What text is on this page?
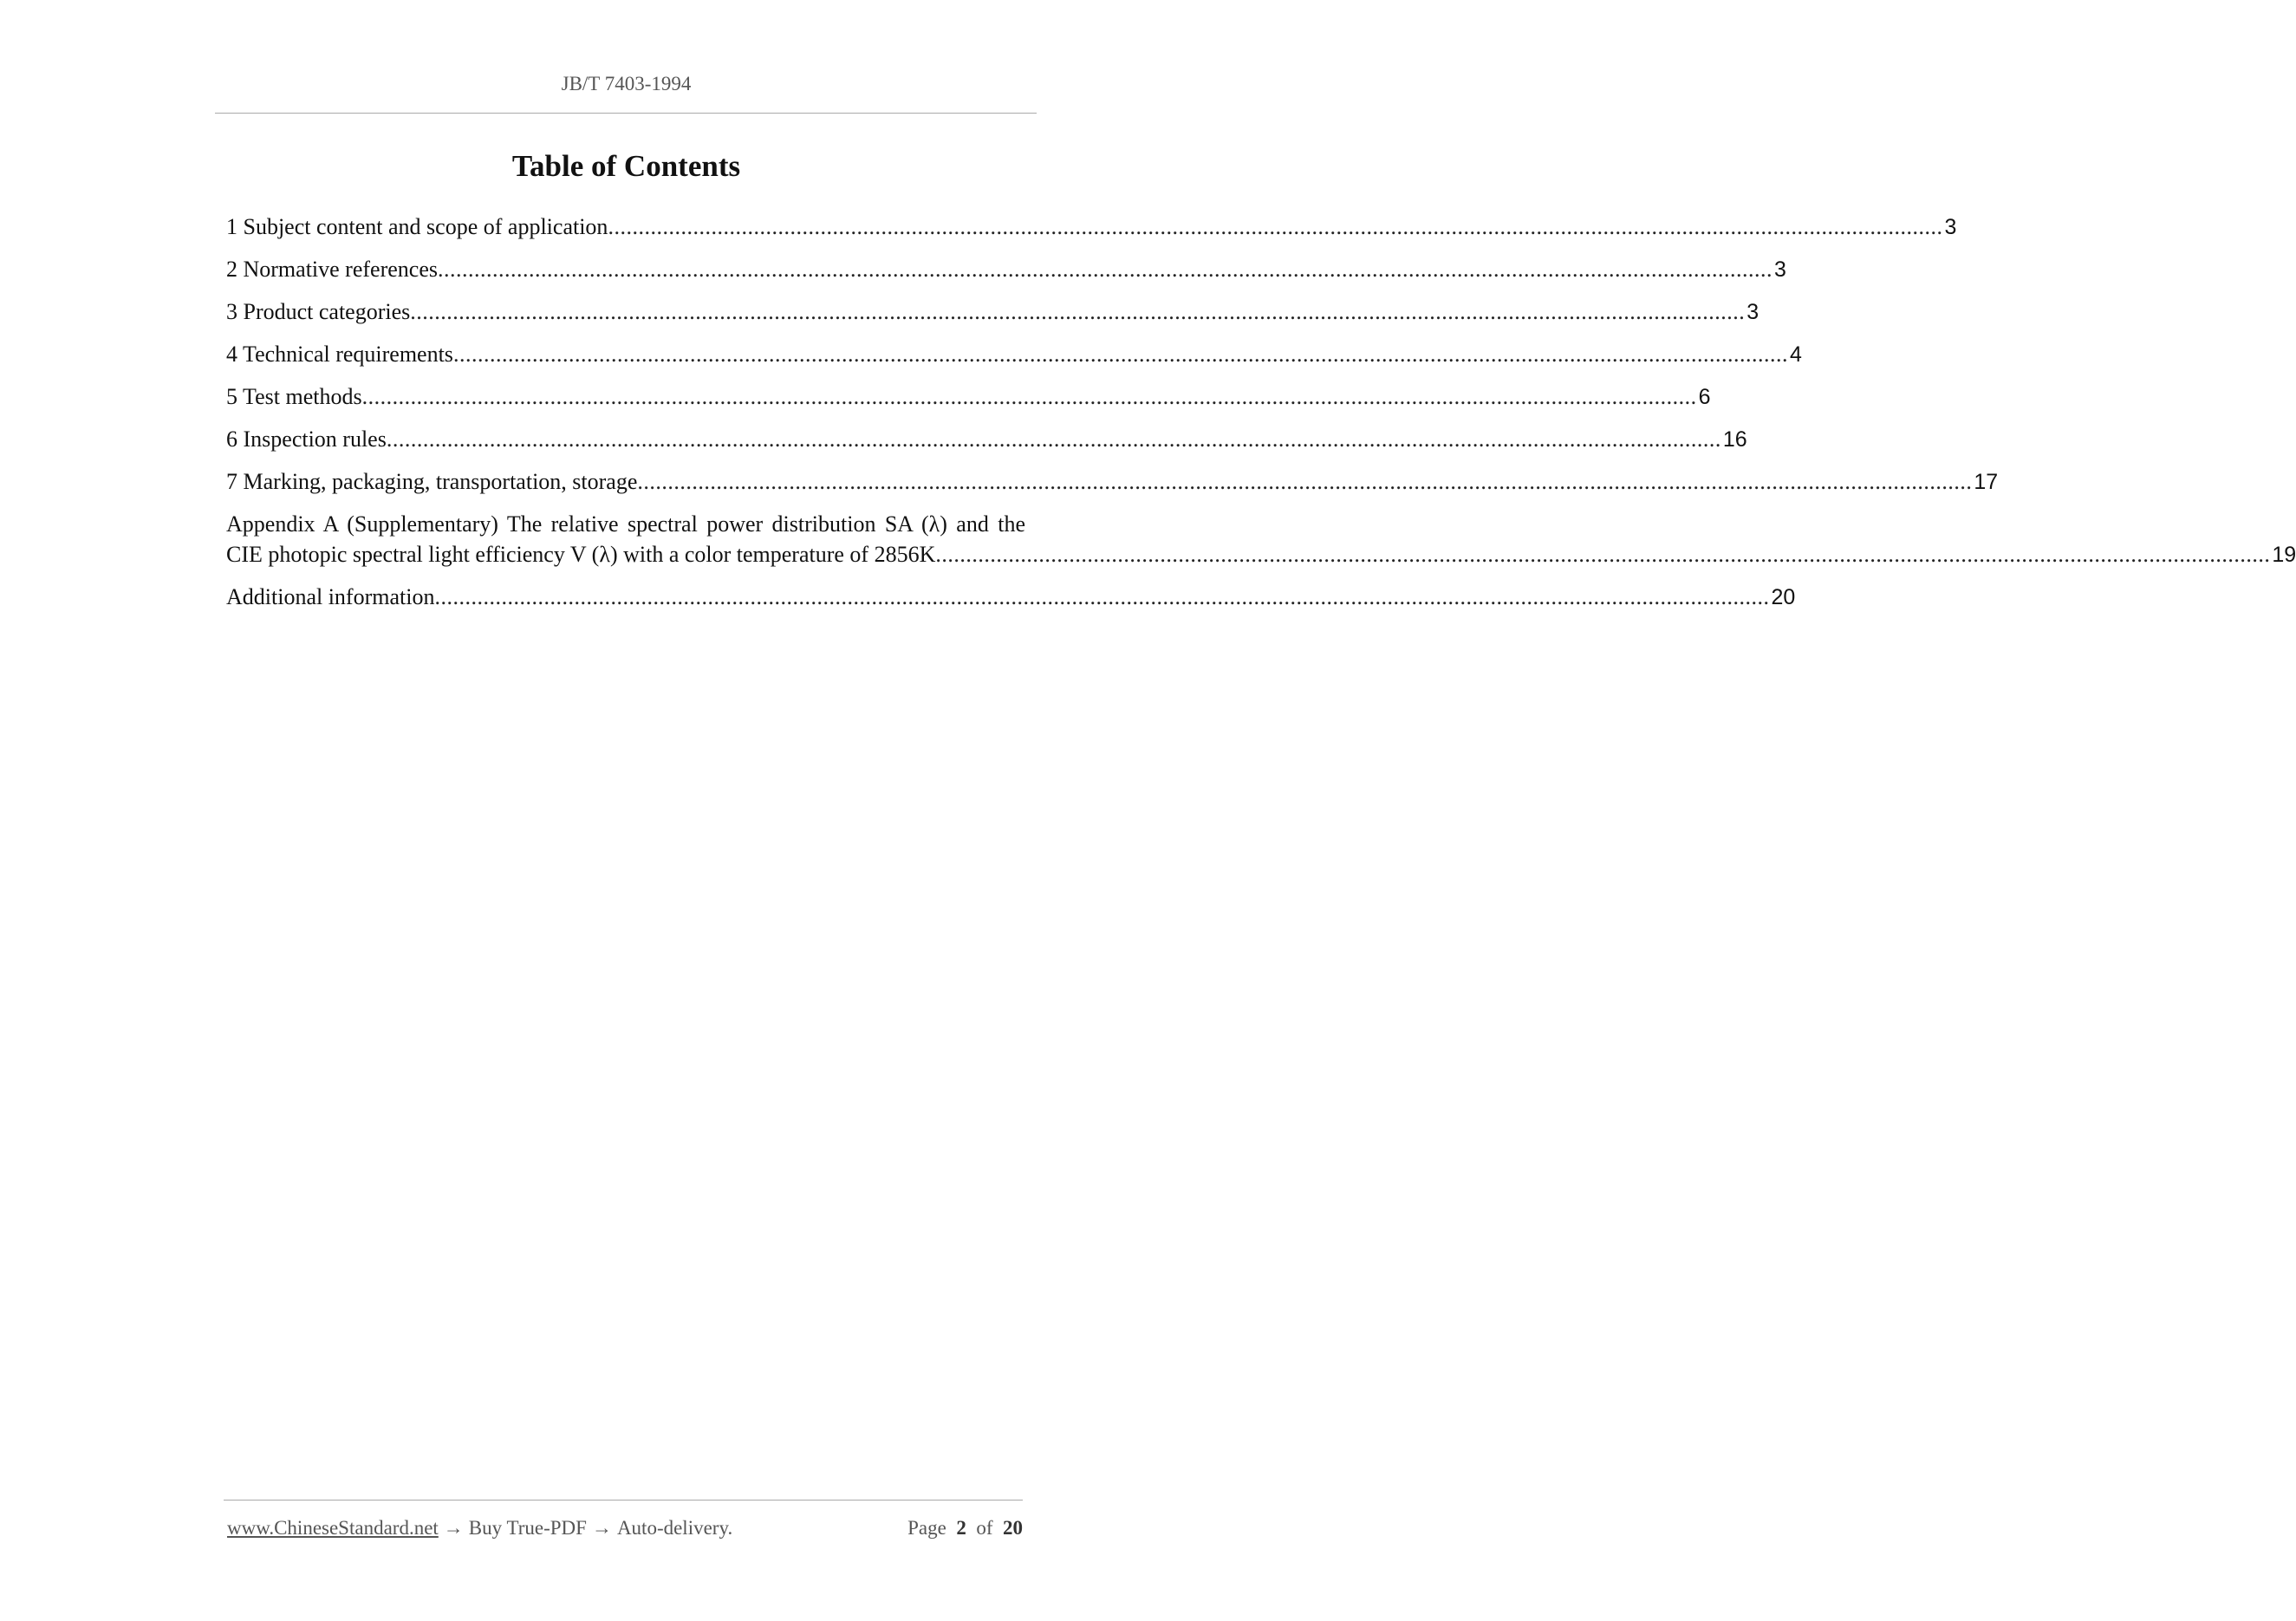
JB/T 7403-1994
Table of Contents
1 Subject content and scope of application ............................................................................................................................................................................................................................ 3
2 Normative references ............................................................................................................................................................................................................................ 3
3 Product categories ............................................................................................................................................................................................................................ 3
4 Technical requirements ............................................................................................................................................................................................................................ 4
5 Test methods ............................................................................................................................................................................................................................ 6
6 Inspection rules ............................................................................................................................................................................................................................ 16
7 Marking, packaging, transportation, storage ............................................................................................................................................................................................................................ 17
Appendix A (Supplementary) The relative spectral power distribution SA (λ) and the
CIE photopic spectral light efficiency V (λ) with a color temperature of 2856K ............................................................................................................................................................................................................................ 19
Additional information ............................................................................................................................................................................................................................ 20
www.ChineseStandard.net → Buy True-PDF → Auto-delivery.	Page 2 of 20
